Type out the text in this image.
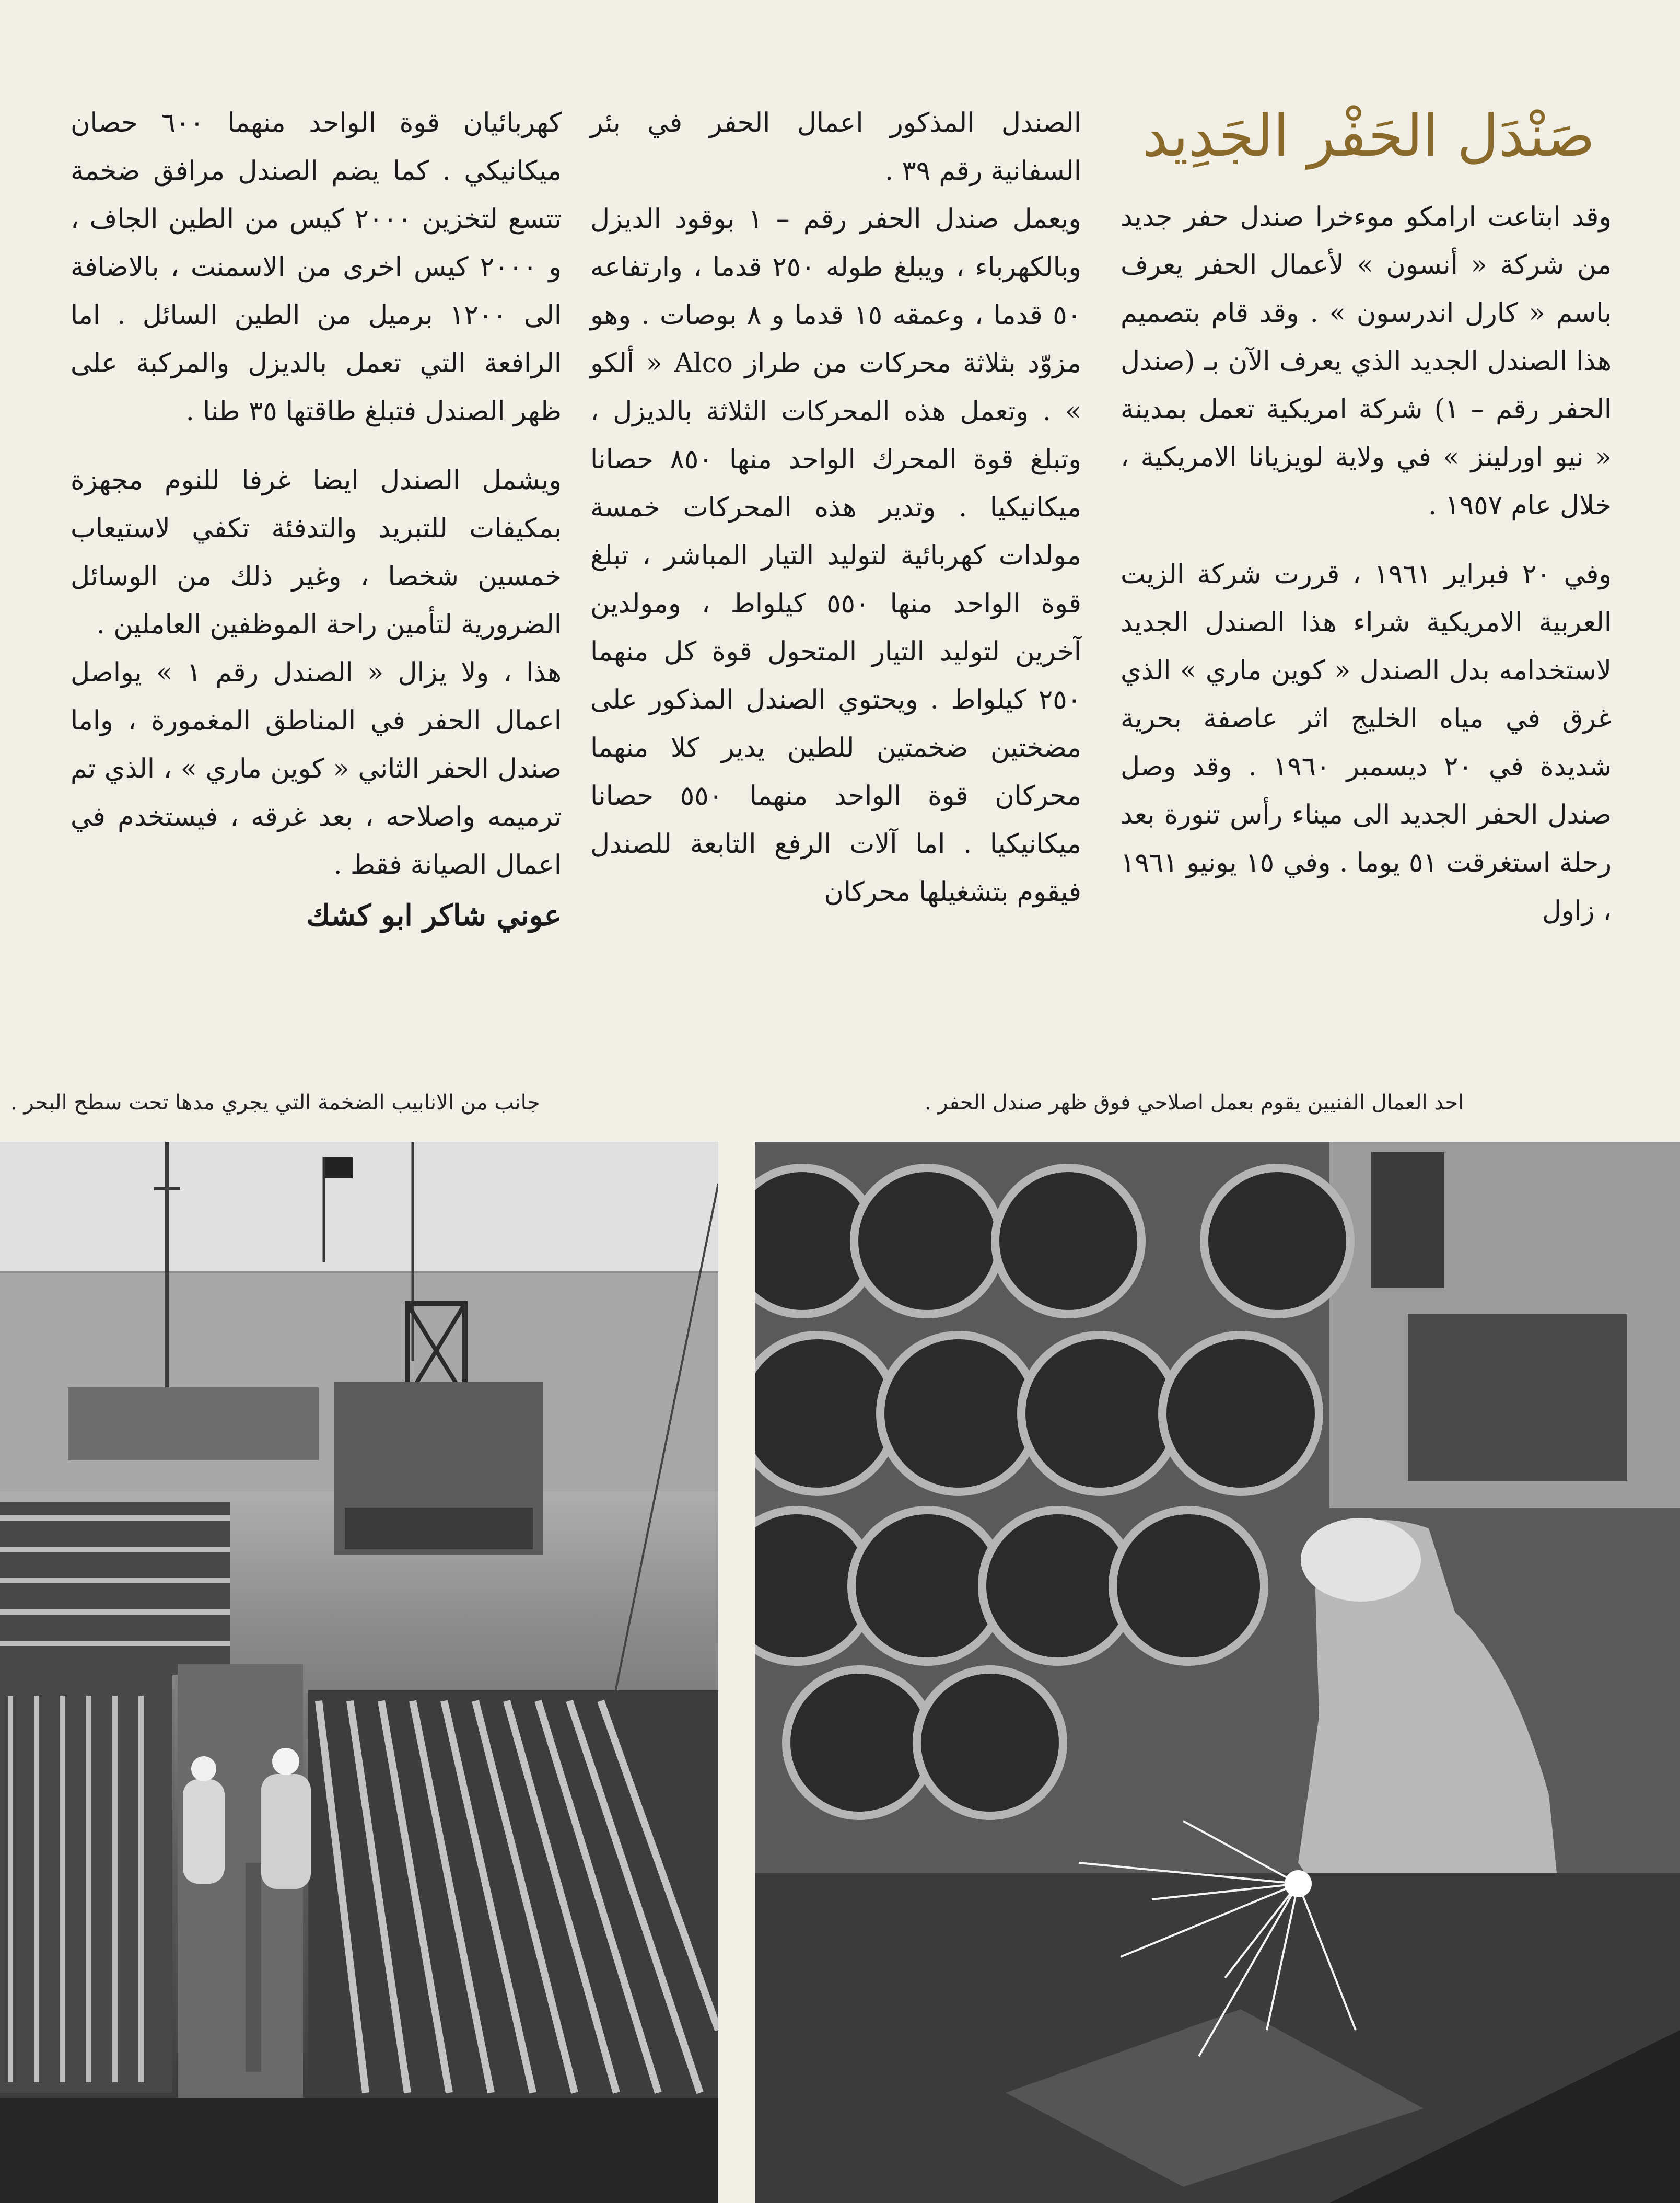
صَنْدَل الحَفْر الجَدِيد

وقد ابتاعت ارامكو موءخرا صندل حفر جديد من شركة « أنسون » لأعمال الحفر يعرف باسم « كارل اندرسون » . وقد قام بتصميم هذا الصندل الجديد الذي يعرف الآن بـ (صندل الحفر رقم – ١) شركة امريكية تعمل بمدينة « نيو اورلينز » في ولاية لويزيانا الامريكية ، خلال عام ١٩٥٧ .

وفي ٢٠ فبراير ١٩٦١ ، قررت شركة الزيت العربية الامريكية شراء هذا الصندل الجديد لاستخدامه بدل الصندل « كوين ماري » الذي غرق في مياه الخليج اثر عاصفة بحرية شديدة في ٢٠ ديسمبر ١٩٦٠ . وقد وصل صندل الحفر الجديد الى ميناء رأس تنورة بعد رحلة استغرقت ٥١ يوما . وفي ١٥ يونيو ١٩٦١ ، زاول

الصندل المذكور اعمال الحفر في بئر السفانية رقم ٣٩ .

ويعمل صندل الحفر رقم – ١ بوقود الديزل وبالكهرباء ، ويبلغ طوله ٢٥٠ قدما ، وارتفاعه ٥٠ قدما ، وعمقه ١٥ قدما و ٨ بوصات . وهو مزوّد بثلاثة محركات من طراز Alco « ألكو » . وتعمل هذه المحركات الثلاثة بالديزل ، وتبلغ قوة المحرك الواحد منها ٨٥٠ حصانا ميكانيكيا . وتدير هذه المحركات خمسة مولدات كهربائية لتوليد التيار المباشر ، تبلغ قوة الواحد منها ٥٥٠ كيلواط ، ومولدين آخرين لتوليد التيار المتحول قوة كل منهما ٢٥٠ كيلواط . ويحتوي الصندل المذكور على مضختين ضخمتين للطين يدير كلا منهما محركان قوة الواحد منهما ٥٥٠ حصانا ميكانيكيا . اما آلات الرفع التابعة للصندل فيقوم بتشغيلها محركان

كهربائيان قوة الواحد منهما ٦٠٠ حصان ميكانيكي . كما يضم الصندل مرافق ضخمة تتسع لتخزين ٢٠٠٠ كيس من الطين الجاف ، و ٢٠٠٠ كيس اخرى من الاسمنت ، بالاضافة الى ١٢٠٠ برميل من الطين السائل . اما الرافعة التي تعمل بالديزل والمركبة على ظهر الصندل فتبلغ طاقتها ٣٥ طنا .

ويشمل الصندل ايضا غرفا للنوم مجهزة بمكيفات للتبريد والتدفئة تكفي لاستيعاب خمسين شخصا ، وغير ذلك من الوسائل الضرورية لتأمين راحة الموظفين العاملين .

هذا ، ولا يزال « الصندل رقم ١ » يواصل اعمال الحفر في المناطق المغمورة ، واما صندل الحفر الثاني « كوين ماري » ، الذي تم ترميمه واصلاحه ، بعد غرقه ، فيستخدم في اعمال الصيانة فقط .

عوني شاكر ابو كشك

احد العمال الفنيين يقوم بعمل اصلاحي فوق ظهر صندل الحفر .
جانب من الانابيب الضخمة التي يجري مدها تحت سطح البحر .
